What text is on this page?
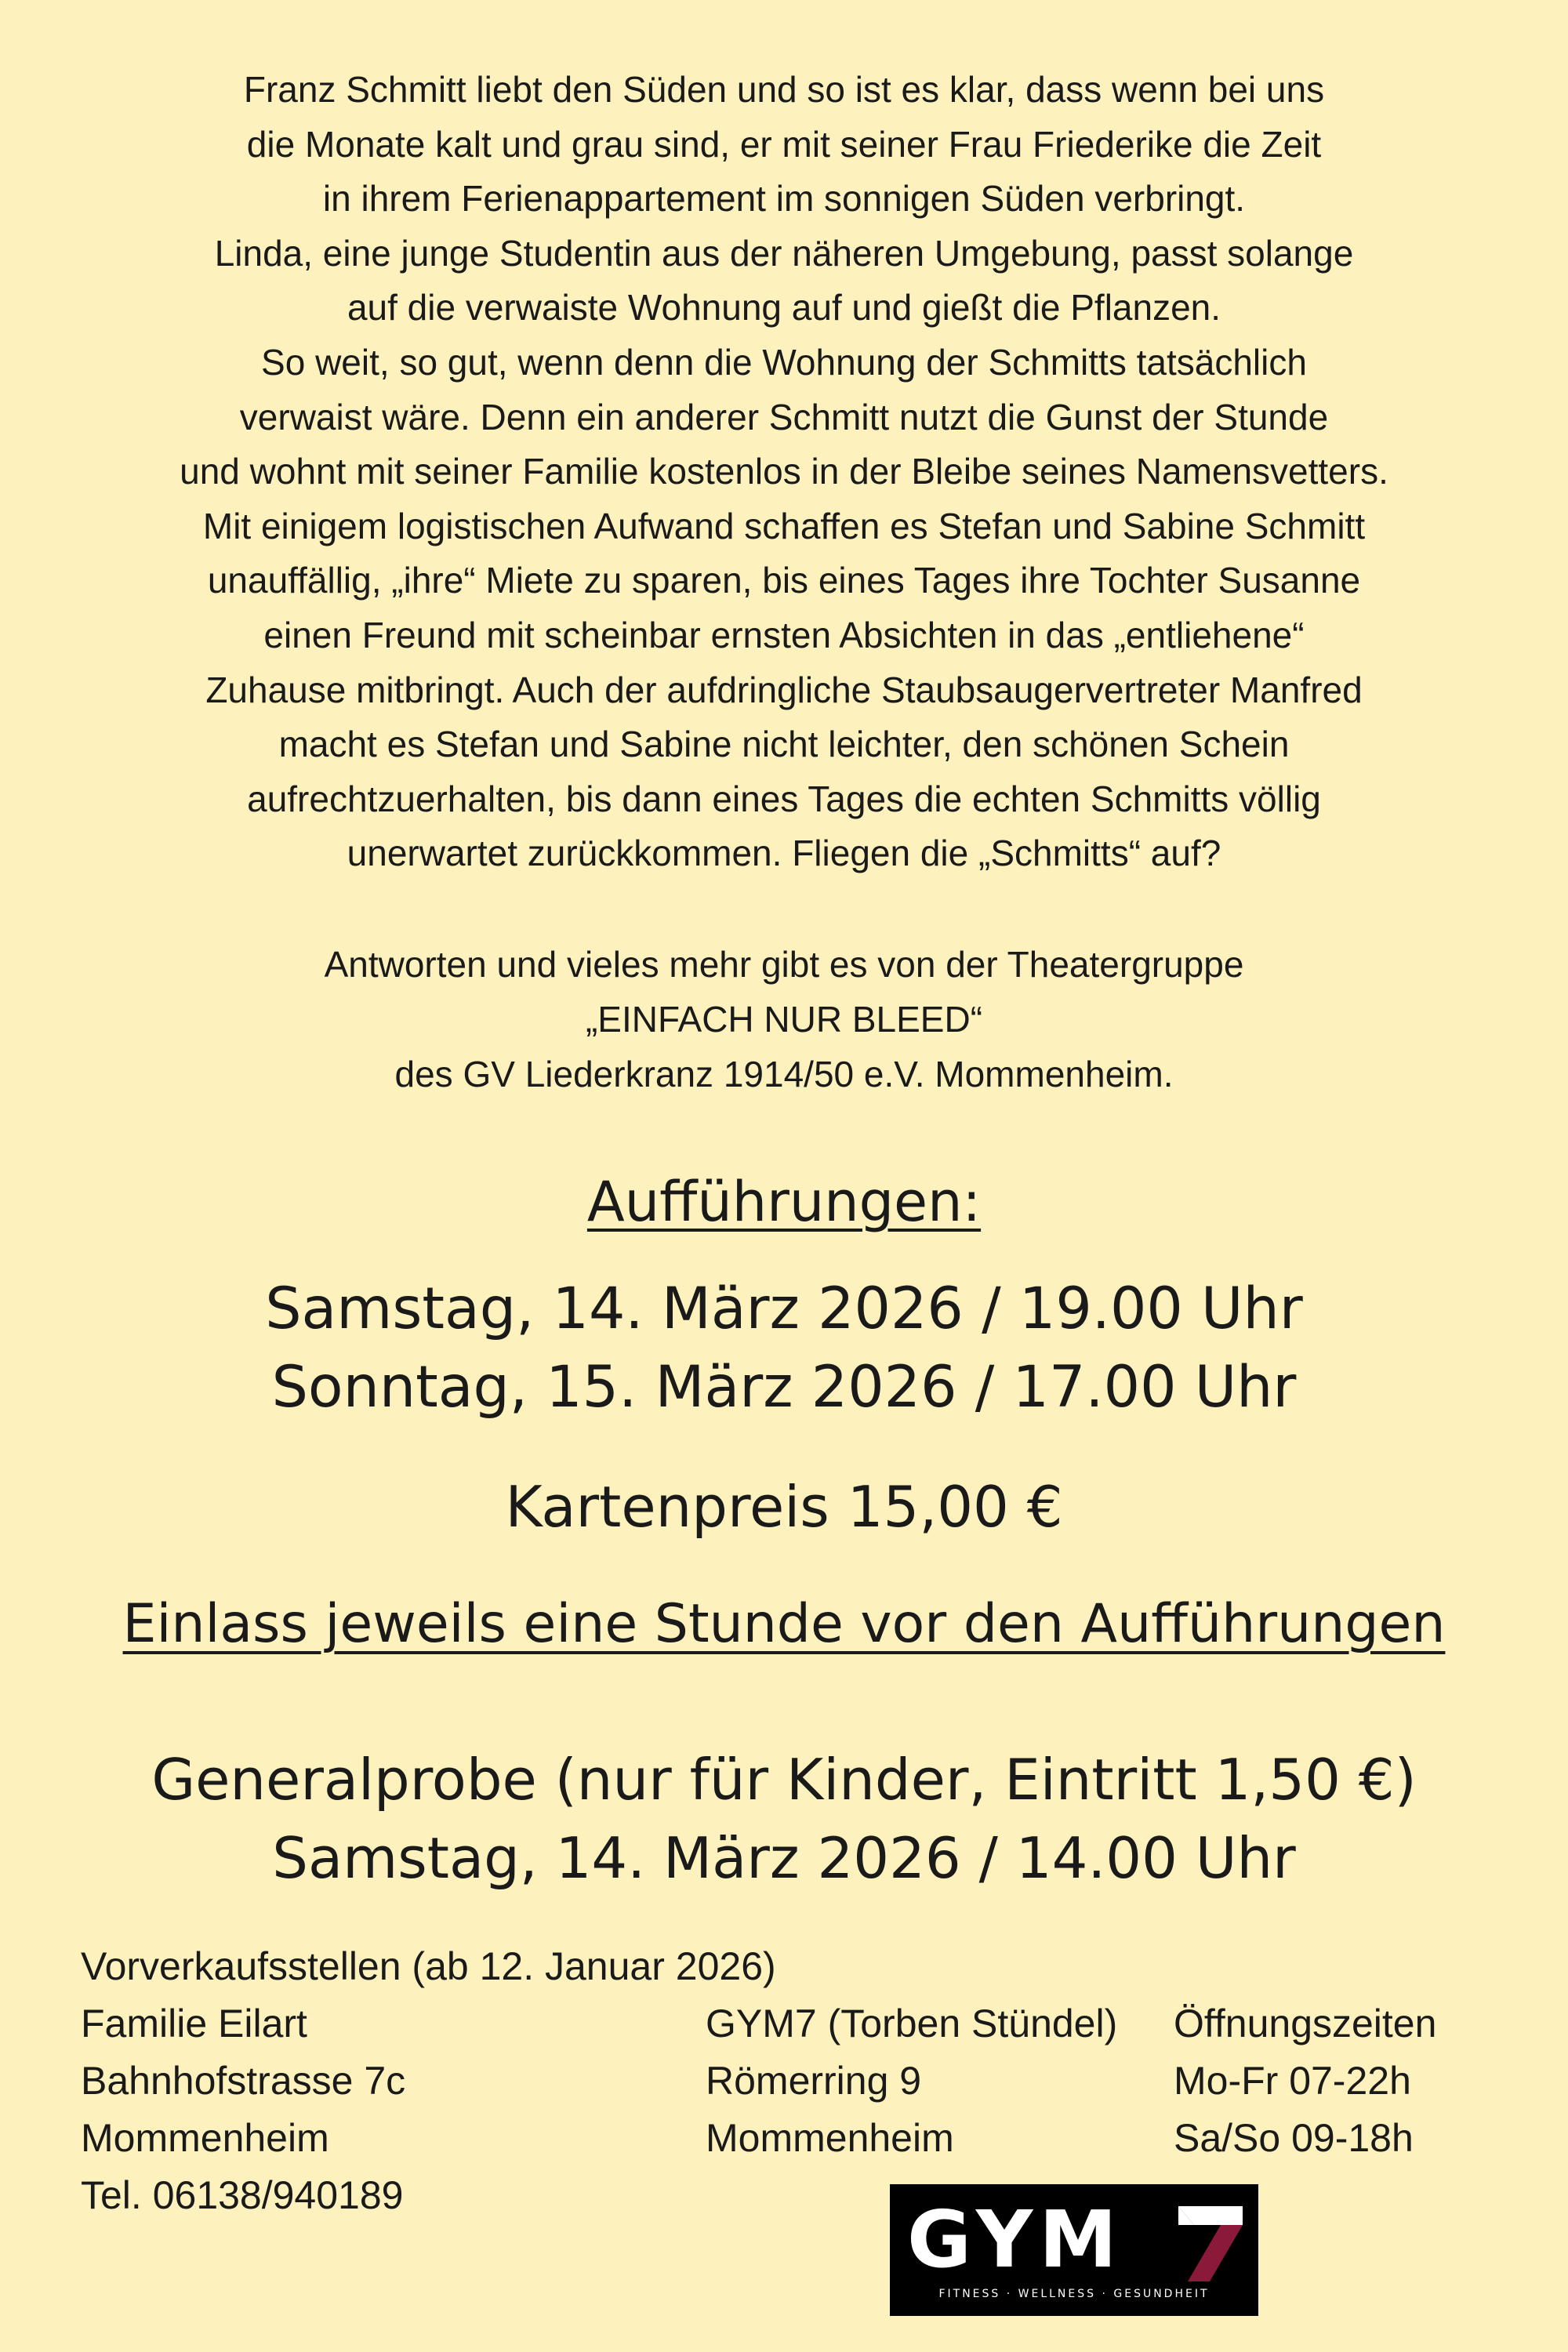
Franz Schmitt liebt den Süden und so ist es klar, dass wenn bei uns
die Monate kalt und grau sind, er mit seiner Frau Friederike die Zeit
in ihrem Ferienappartement im sonnigen Süden verbringt.
Linda, eine junge Studentin aus der näheren Umgebung, passt solange
auf die verwaiste Wohnung auf und gießt die Pflanzen.
So weit, so gut, wenn denn die Wohnung der Schmitts tatsächlich
verwaist wäre. Denn ein anderer Schmitt nutzt die Gunst der Stunde
und wohnt mit seiner Familie kostenlos in der Bleibe seines Namensvetters.
Mit einigem logistischen Aufwand schaffen es Stefan und Sabine Schmitt
unauffällig, „ihre“ Miete zu sparen, bis eines Tages ihre Tochter Susanne
einen Freund mit scheinbar ernsten Absichten in das „entliehene“
Zuhause mitbringt. Auch der aufdringliche Staubsaugervertreter Manfred
macht es Stefan und Sabine nicht leichter, den schönen Schein
aufrechtzuerhalten, bis dann eines Tages die echten Schmitts völlig
unerwartet zurückkommen. Fliegen die „Schmitts“ auf?
Antworten und vieles mehr gibt es von der Theatergruppe
„EINFACH NUR BLEED“
des GV Liederkranz 1914/50 e.V. Mommenheim.
Aufführungen:
Samstag, 14. März 2026 / 19.00 Uhr
Sonntag, 15. März 2026 / 17.00 Uhr
Kartenpreis 15,00 €
Einlass jeweils eine Stunde vor den Aufführungen
Generalprobe (nur für Kinder, Eintritt 1,50 €)
Samstag, 14. März 2026 / 14.00 Uhr
Vorverkaufsstellen (ab 12. Januar 2026)
Familie Eilart
Bahnhofstrasse 7c
Mommenheim
Tel. 06138/940189
GYM7 (Torben Stündel)
Römerring 9
Mommenheim
Öffnungszeiten
Mo-Fr 07-22h
Sa/So 09-18h
GYM
FITNESS · WELLNESS · GESUNDHEIT
